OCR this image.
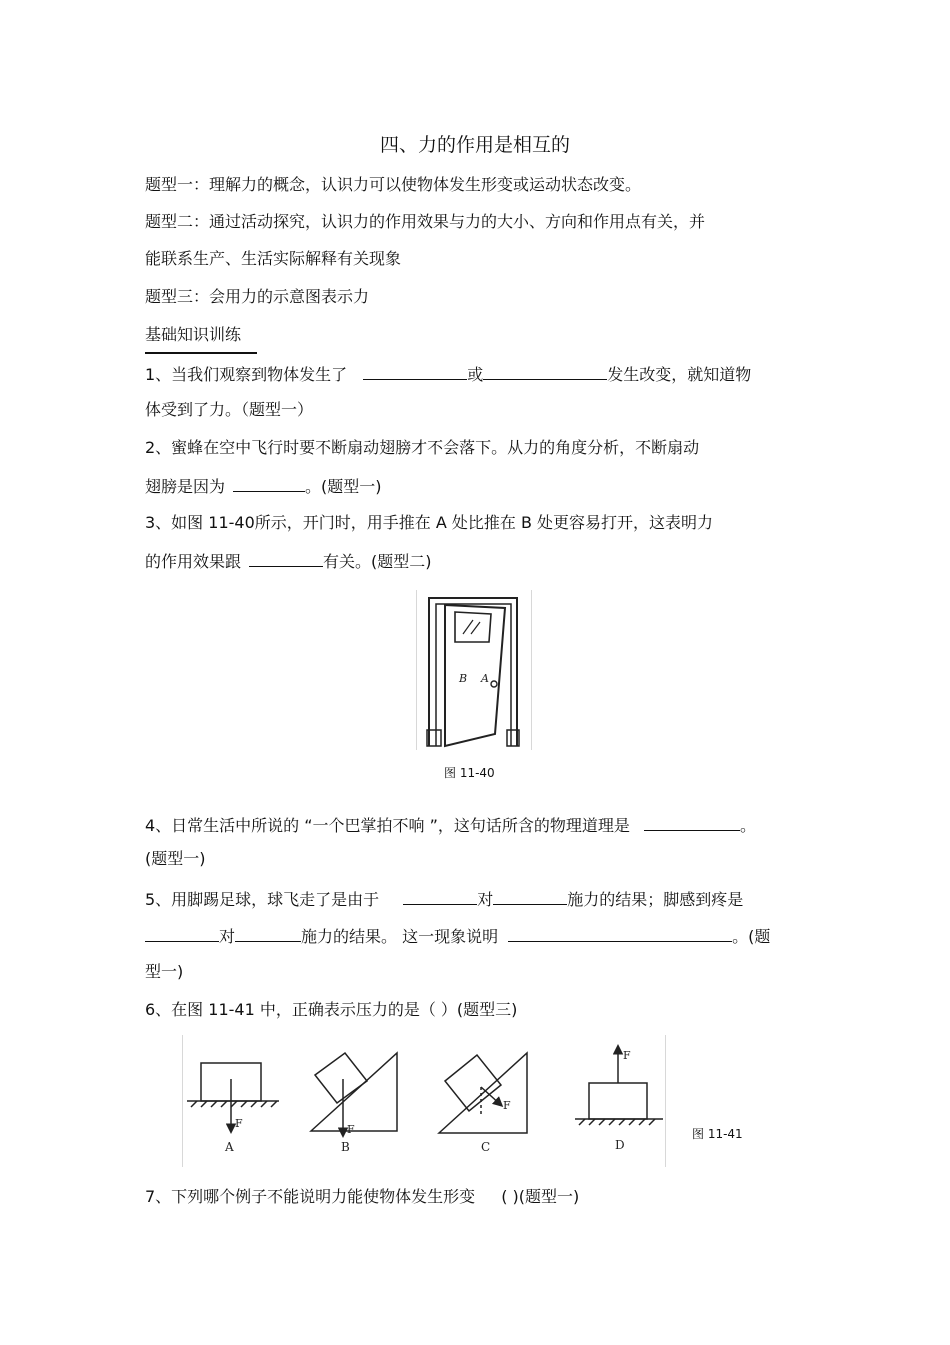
四、力的作用是相互的
题型一：理解力的概念，认识力可以使物体发生形变或运动状态改变。
题型二：通过活动探究，认识力的作用效果与力的大小、方向和作用点有关，并
能联系生产、生活实际解释有关现象
题型三：会用力的示意图表示力
基础知识训练
1、当我们观察到物体发生了	或	发生改变，就知道物
体受到了力。（题型一）
2、蜜蜂在空中飞行时要不断扇动翅膀才不会落下。从力的角度分析，不断扇动
翅膀是因为	。(题型一)
3、如图 11-40所示，开门时，用手推在 A 处比推在 B 处更容易打开，这表明力
的作用效果跟	有关。(题型二)
B A
图 11-40
4、日常生活中所说的 “一个巴掌拍不响 ”，这句话所含的物理道理是	。
(题型一)
5、用脚踢足球，球飞走了是由于	对	施力的结果；脚感到疼是
对	施力的结果。 这一现象说明	。(题
型一)
6、在图 11-41 中，正确表示压力的是（ ）(题型三)
F	F
F
F
A	B	C	D
图 11-41
7、下列哪个例子不能说明力能使物体发生形变 ( )(题型一)
